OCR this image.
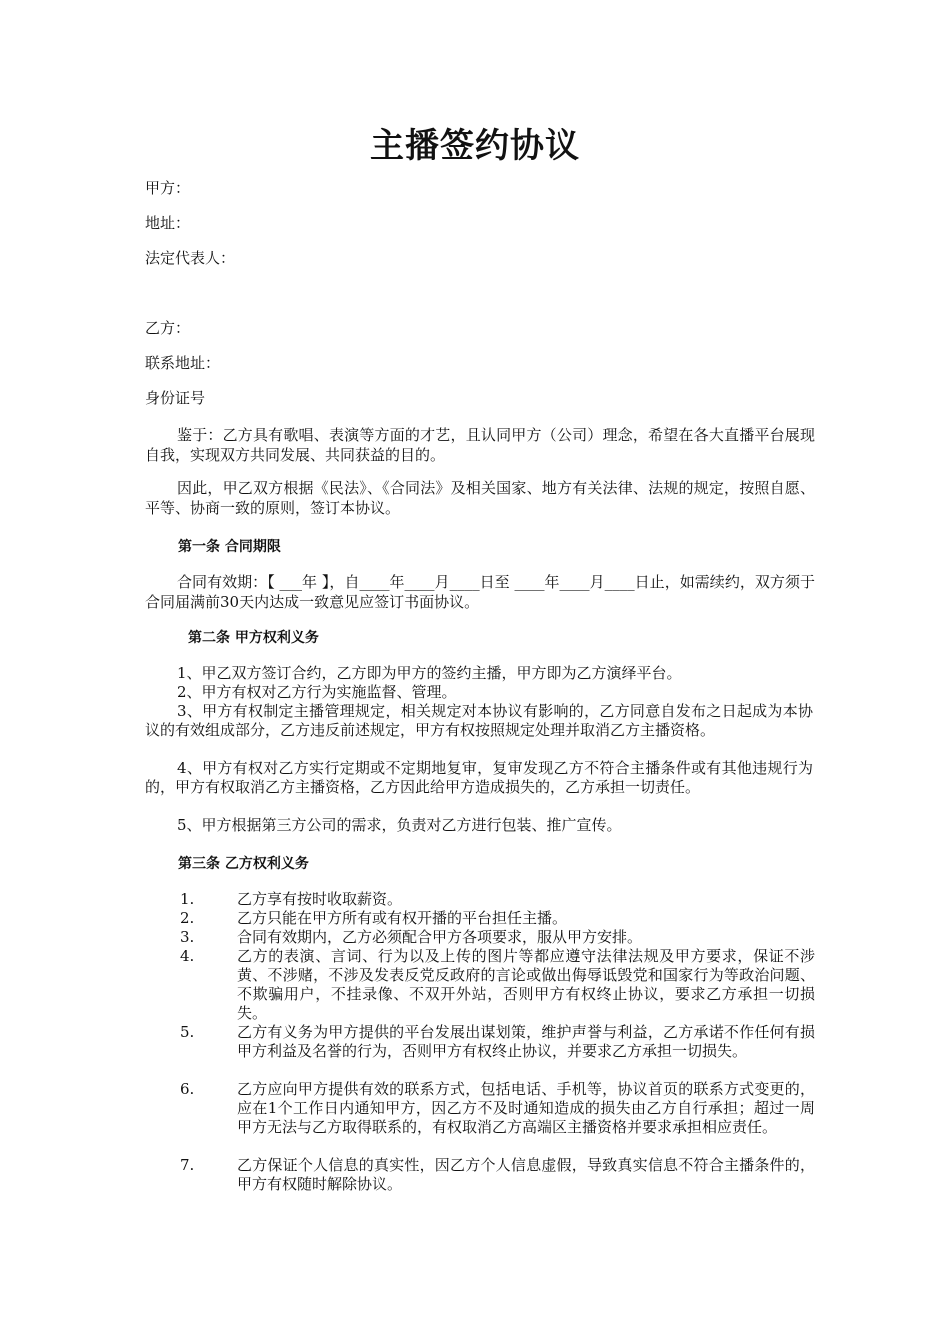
主播签约协议
甲方：
地址：
法定代表人：
乙方：
联系地址：
身份证号
鉴于：乙方具有歌唱、表演等方面的才艺，且认同甲方（公司）理念，希望在各大直播平台展现自我，实现双方共同发展、共同获益的目的。
因此，甲乙双方根据《民法》、《合同法》及相关国家、地方有关法律、法规的规定，按照自愿、平等、协商一致的原则，签订本协议。
第一条 合同期限
合同有效期：【 ___年 】，自____年____月____日至 ____年____月____日止，如需续约，双方须于合同届满前30天内达成一致意见应签订书面协议。
第二条 甲方权利义务
1、甲乙双方签订合约，乙方即为甲方的签约主播，甲方即为乙方演绎平台。
2、甲方有权对乙方行为实施监督、管理。
3、甲方有权制定主播管理规定，相关规定对本协议有影响的，乙方同意自发布之日起成为本协议的有效组成部分，乙方违反前述规定，甲方有权按照规定处理并取消乙方主播资格。
4、甲方有权对乙方实行定期或不定期地复审，复审发现乙方不符合主播条件或有其他违规行为的，甲方有权取消乙方主播资格，乙方因此给甲方造成损失的，乙方承担一切责任。
5、甲方根据第三方公司的需求，负责对乙方进行包装、推广宣传。
第三条 乙方权利义务
1.	乙方享有按时收取薪资。
2.	乙方只能在甲方所有或有权开播的平台担任主播。
3.	合同有效期内，乙方必须配合甲方各项要求，服从甲方安排。
4.	乙方的表演、言词、行为以及上传的图片等都应遵守法律法规及甲方要求，保证不涉黄、不涉赌，不涉及发表反党反政府的言论或做出侮辱诋毁党和国家行为等政治问题、不欺骗用户，不挂录像、不双开外站，否则甲方有权终止协议，要求乙方承担一切损失。
5.	乙方有义务为甲方提供的平台发展出谋划策，维护声誉与利益，乙方承诺不作任何有损甲方利益及名誉的行为，否则甲方有权终止协议，并要求乙方承担一切损失。
6.	乙方应向甲方提供有效的联系方式，包括电话、手机等，协议首页的联系方式变更的，应在1个工作日内通知甲方，因乙方不及时通知造成的损失由乙方自行承担；超过一周甲方无法与乙方取得联系的，有权取消乙方高端区主播资格并要求承担相应责任。
7.	乙方保证个人信息的真实性，因乙方个人信息虚假，导致真实信息不符合主播条件的，甲方有权随时解除协议。
